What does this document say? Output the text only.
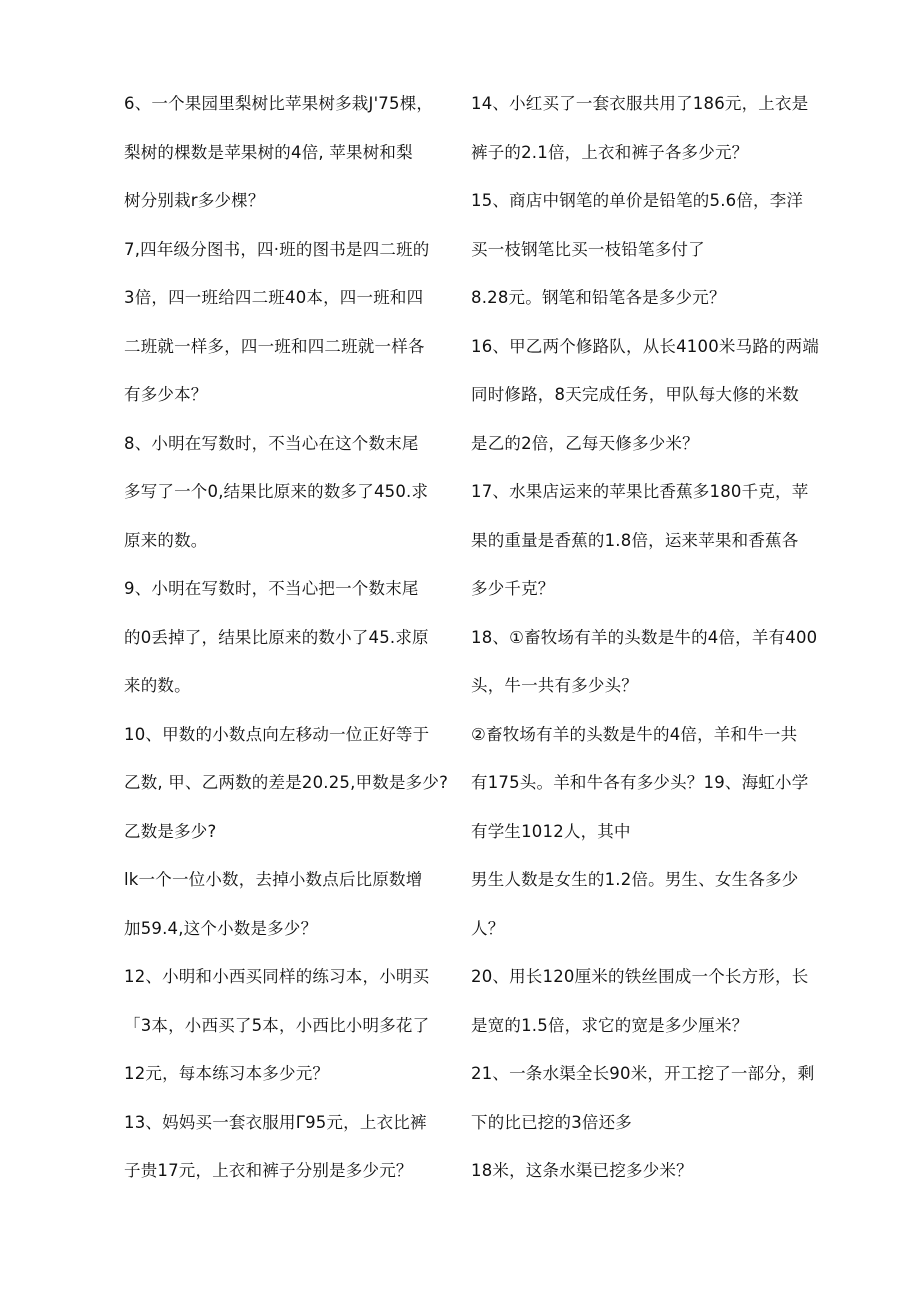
6、一个果园里梨树比苹果树多栽J'75棵，
梨树的棵数是苹果树的4倍, 苹果树和梨
树分别栽r多少棵？
7,四年级分图书，四·班的图书是四二班的
3倍，四一班给四二班40本，四一班和四
二班就一样多，四一班和四二班就一样各
有多少本？
8、小明在写数时，不当心在这个数末尾
多写了一个0,结果比原来的数多了450.求
原来的数。
9、小明在写数时，不当心把一个数末尾
的0丢掉了，结果比原来的数小了45.求原
来的数。
10、甲数的小数点向左移动一位正好等于
乙数, 甲、乙两数的差是20.25,甲数是多少?
乙数是多少?
lk一个一位小数，去掉小数点后比原数增
加59.4,这个小数是多少？
12、小明和小西买同样的练习本，小明买
「3本，小西买了5本，小西比小明多花了
12元，每本练习本多少元？
13、妈妈买一套衣服用Γ95元，上衣比裤
子贵17元，上衣和裤子分别是多少元？
14、小红买了一套衣服共用了186元，上衣是
裤子的2.1倍，上衣和裤子各多少元？
15、商店中钢笔的单价是铅笔的5.6倍，李洋
买一枝钢笔比买一枝铅笔多付了
8.28元。钢笔和铅笔各是多少元？
16、甲乙两个修路队，从长4100米马路的两端
同时修路，8天完成任务，甲队每大修的米数
是乙的2倍，乙每天修多少米？
17、水果店运来的苹果比香蕉多180千克，苹
果的重量是香蕉的1.8倍，运来苹果和香蕉各
多少千克？
18、①畜牧场有羊的头数是牛的4倍，羊有400
头，牛一共有多少头？
②畜牧场有羊的头数是牛的4倍，羊和牛一共
有175头。羊和牛各有多少头？19、海虹小学
有学生1012人，其中
男生人数是女生的1.2倍。男生、女生各多少
人？
20、用长120厘米的铁丝围成一个长方形，长
是宽的1.5倍，求它的宽是多少厘米？
21、一条水渠全长90米，开工挖了一部分，剩
下的比已挖的3倍还多
18米，这条水渠已挖多少米？
